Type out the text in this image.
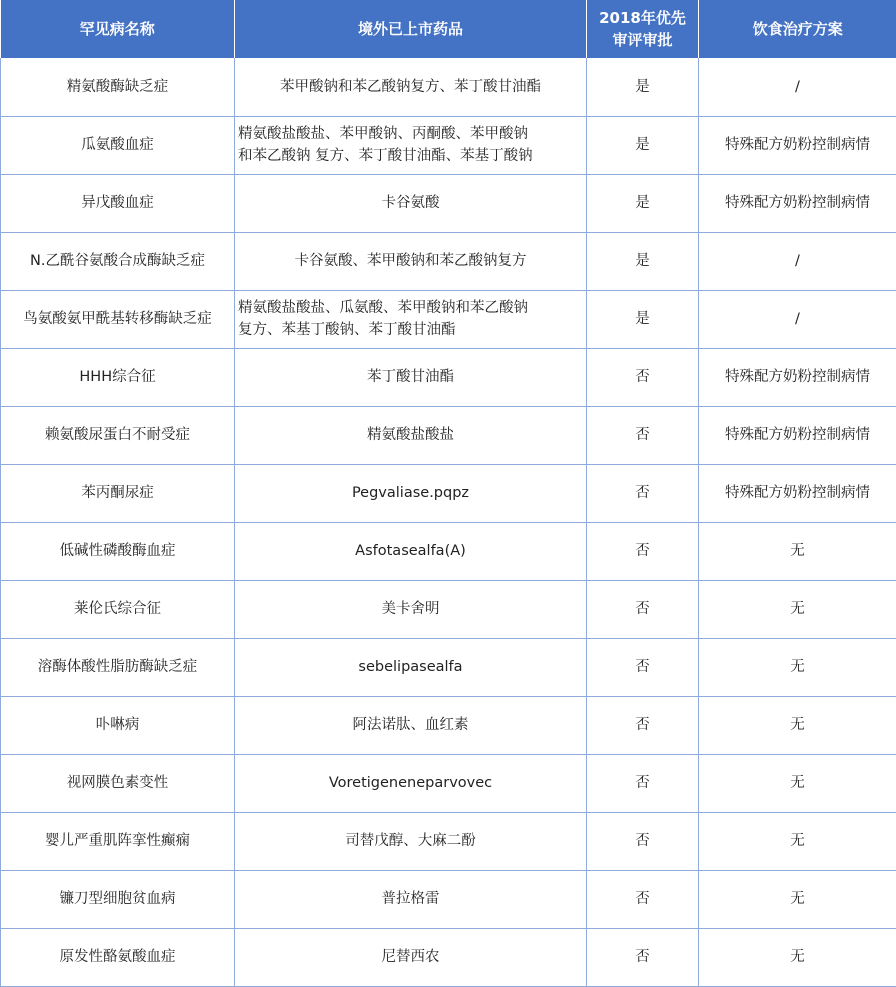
罕见病名称	境外已上市药品	2018年优先
审评审批	饮食治疗方案
精氨酸酶缺乏症	苯甲酸钠和苯乙酸钠复方、苯丁酸甘油酯	是	/
瓜氨酸血症	精氨酸盐酸盐、苯甲酸钠、丙酮酸、苯甲酸钠
和苯乙酸钠 复方、苯丁酸甘油酯、苯基丁酸钠	是	特殊配方奶粉控制病情
异戊酸血症	卡谷氨酸	是	特殊配方奶粉控制病情
N.乙酰谷氨酸合成酶缺乏症	卡谷氨酸、苯甲酸钠和苯乙酸钠复方	是	/
鸟氨酸氨甲酰基转移酶缺乏症	精氨酸盐酸盐、瓜氨酸、苯甲酸钠和苯乙酸钠
复方、苯基丁酸钠、苯丁酸甘油酯	是	/
HHH综合征	苯丁酸甘油酯	否	特殊配方奶粉控制病情
赖氨酸尿蛋白不耐受症	精氨酸盐酸盐	否	特殊配方奶粉控制病情
苯丙酮尿症	Pegvaliase.pqpz	否	特殊配方奶粉控制病情
低碱性磷酸酶血症	Asfotasealfa(A)	否	无
莱伦氏综合征	美卡舍明	否	无
溶酶体酸性脂肪酶缺乏症	sebelipasealfa	否	无
卟啉病	阿法诺肽、血红素	否	无
视网膜色素变性	Voretigeneneparvovec	否	无
婴儿严重肌阵挛性癫痫	司替戊醇、大麻二酚	否	无
镰刀型细胞贫血病	普拉格雷	否	无
原发性酪氨酸血症	尼替西农	否	无
